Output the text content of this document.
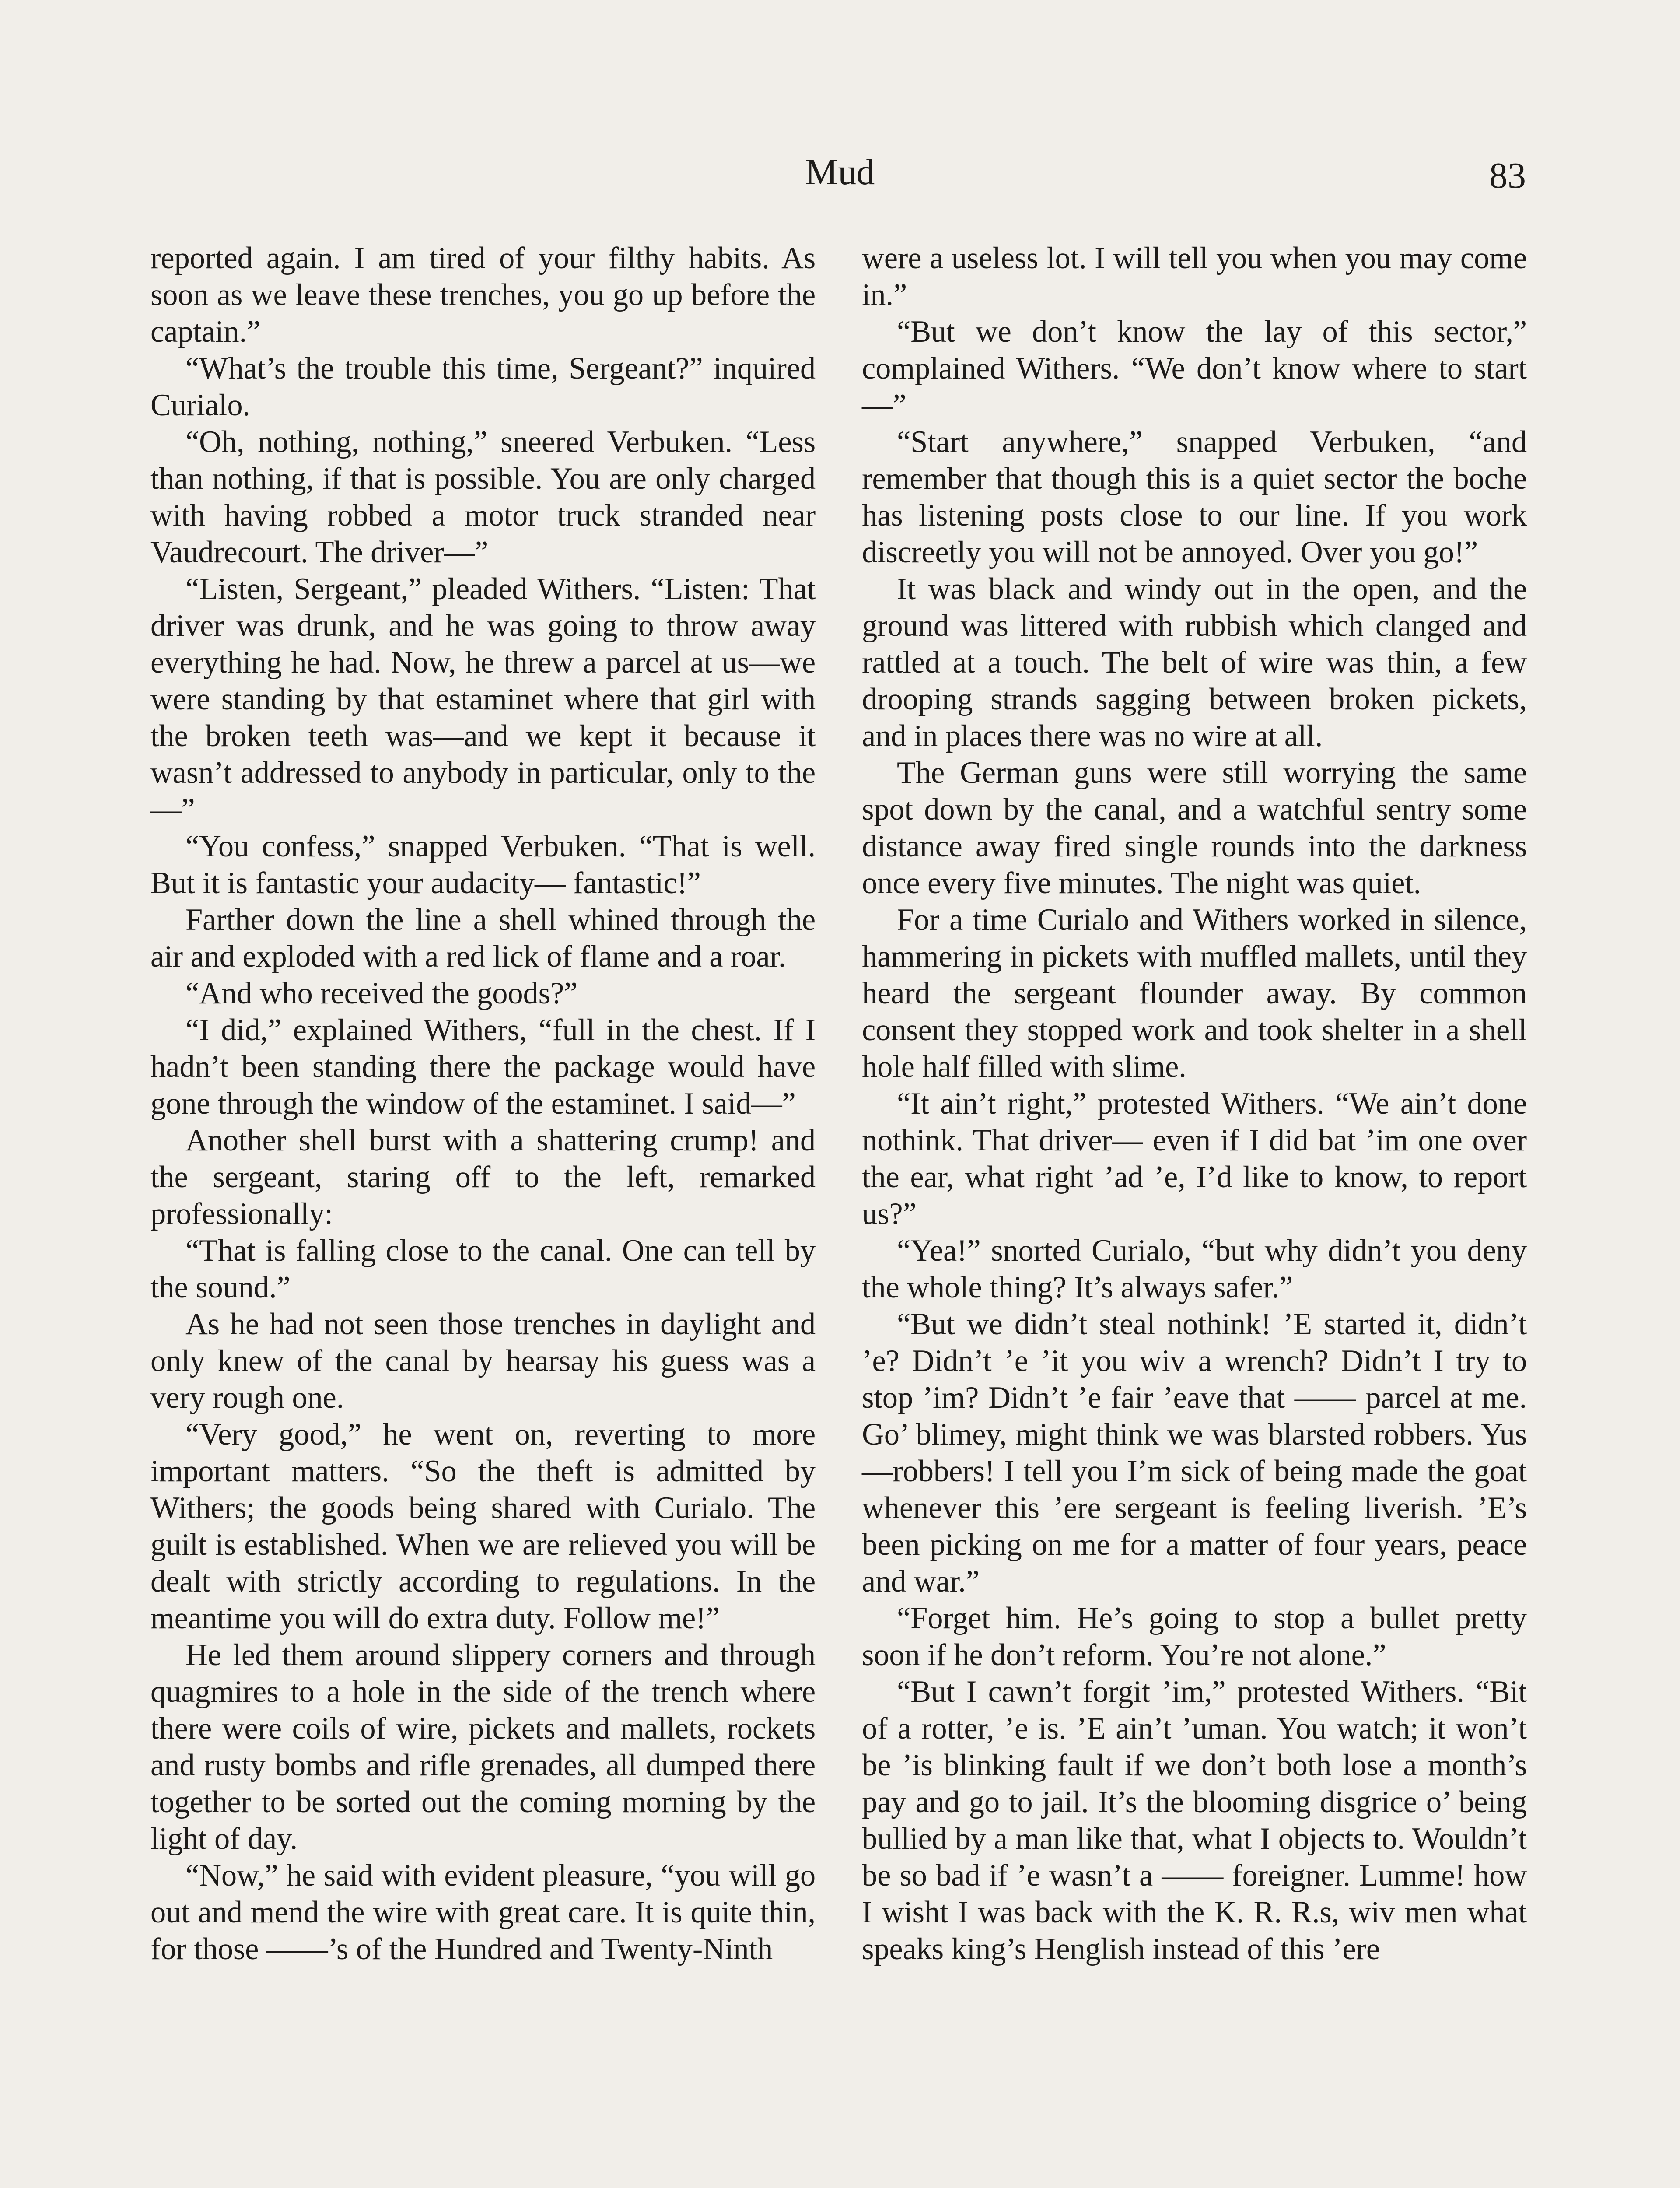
Mud	83

reported again. I am tired of your filthy habits. As soon as we leave these trenches, you go up before the captain.”

“What’s the trouble this time, Sergeant?” inquired Curialo.

“Oh, nothing, nothing,” sneered Verbuken. “Less than nothing, if that is possible. You are only charged with having robbed a motor truck stranded near Vaudrecourt. The driver—”

“Listen, Sergeant,” pleaded Withers. “Listen: That driver was drunk, and he was going to throw away everything he had. Now, he threw a parcel at us—we were standing by that estaminet where that girl with the broken teeth was—and we kept it because it wasn’t addressed to anybody in particular, only to the—”

“You confess,” snapped Verbuken. “That is well. But it is fantastic your audacity— fantastic!”

Farther down the line a shell whined through the air and exploded with a red lick of flame and a roar.

“And who received the goods?”

“I did,” explained Withers, “full in the chest. If I hadn’t been standing there the package would have gone through the window of the estaminet. I said—”

Another shell burst with a shattering crump! and the sergeant, staring off to the left, remarked professionally:

“That is falling close to the canal. One can tell by the sound.”

As he had not seen those trenches in daylight and only knew of the canal by hearsay his guess was a very rough one.

“Very good,” he went on, reverting to more important matters. “So the theft is admitted by Withers; the goods being shared with Curialo. The guilt is established. When we are relieved you will be dealt with strictly according to regulations. In the meantime you will do extra duty. Follow me!”

He led them around slippery corners and through quagmires to a hole in the side of the trench where there were coils of wire, pickets and mallets, rockets and rusty bombs and rifle grenades, all dumped there together to be sorted out the coming morning by the light of day.

“Now,” he said with evident pleasure, “you will go out and mend the wire with great care. It is quite thin, for those ——’s of the Hundred and Twenty-Ninth

were a useless lot. I will tell you when you may come in.”

“But we don’t know the lay of this sector,” complained Withers. “We don’t know where to start—”

“Start anywhere,” snapped Verbuken, “and remember that though this is a quiet sector the boche has listening posts close to our line. If you work discreetly you will not be annoyed. Over you go!”

It was black and windy out in the open, and the ground was littered with rubbish which clanged and rattled at a touch. The belt of wire was thin, a few drooping strands sagging between broken pickets, and in places there was no wire at all.

The German guns were still worrying the same spot down by the canal, and a watchful sentry some distance away fired single rounds into the darkness once every five minutes. The night was quiet.

For a time Curialo and Withers worked in silence, hammering in pickets with muffled mallets, until they heard the sergeant flounder away. By common consent they stopped work and took shelter in a shell hole half filled with slime.

“It ain’t right,” protested Withers. “We ain’t done nothink. That driver— even if I did bat ’im one over the ear, what right ’ad ’e, I’d like to know, to report us?”

“Yea!” snorted Curialo, “but why didn’t you deny the whole thing? It’s always safer.”

“But we didn’t steal nothink! ’E started it, didn’t ’e? Didn’t ’e ’it you wiv a wrench? Didn’t I try to stop ’im? Didn’t ’e fair ’eave that —— parcel at me. Go’ blimey, might think we was blarsted robbers. Yus—robbers! I tell you I’m sick of being made the goat whenever this ’ere sergeant is feeling liverish. ’E’s been picking on me for a matter of four years, peace and war.”

“Forget him. He’s going to stop a bullet pretty soon if he don’t reform. You’re not alone.”

“But I cawn’t forgit ’im,” protested Withers. “Bit of a rotter, ’e is. ’E ain’t ’uman. You watch; it won’t be ’is blinking fault if we don’t both lose a month’s pay and go to jail. It’s the blooming disgrice o’ being bullied by a man like that, what I objects to. Wouldn’t be so bad if ’e wasn’t a —— foreigner. Lumme! how I wisht I was back with the K. R. R.s, wiv men what speaks king’s Henglish instead of this ’ere
